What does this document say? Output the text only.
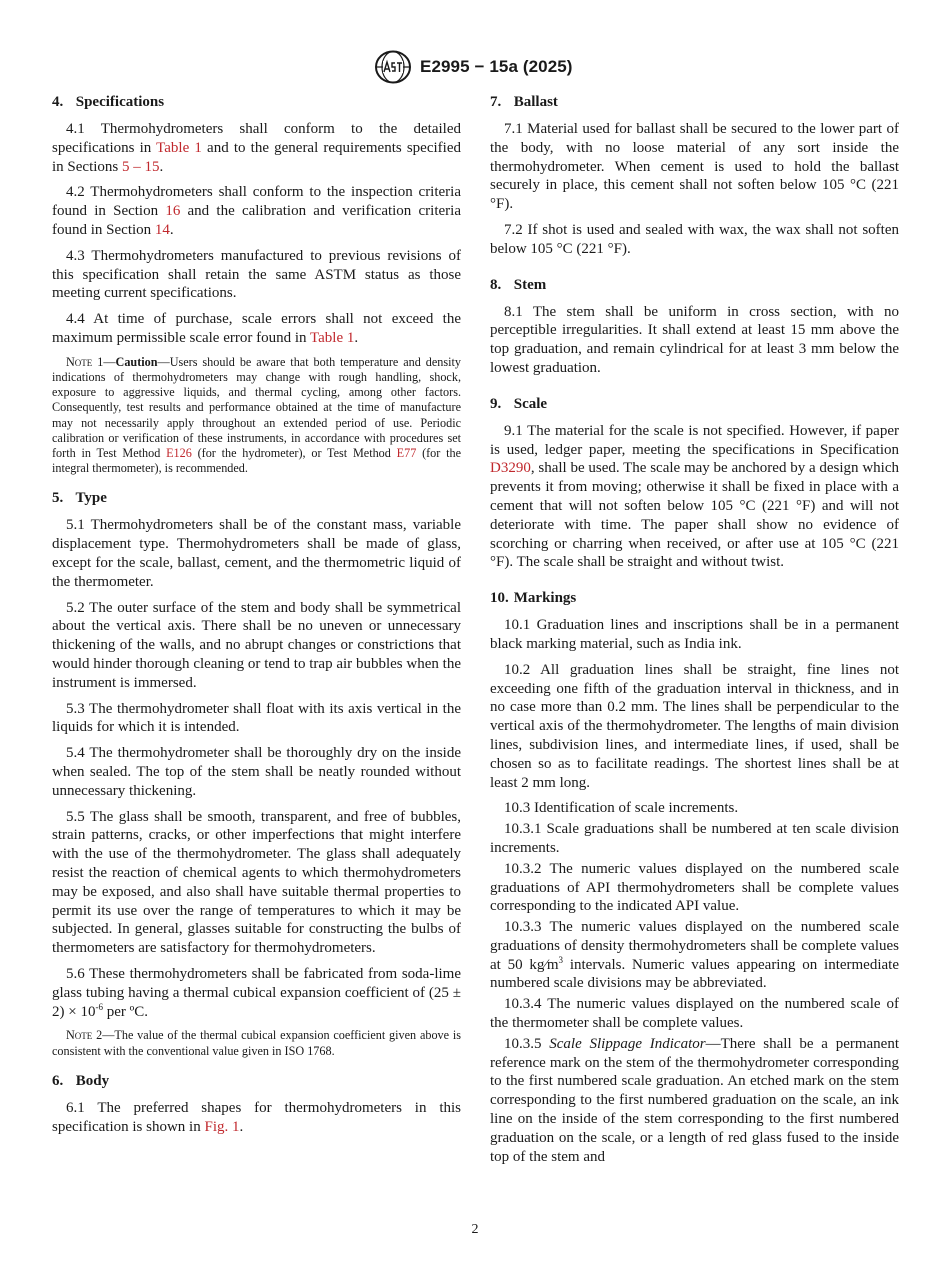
E2995 − 15a (2025)
4. Specifications

4.1 Thermohydrometers shall conform to the detailed specifications in Table 1 and to the general requirements specified in Sections 5 – 15.

4.2 Thermohydrometers shall conform to the inspection criteria found in Section 16 and the calibration and verification criteria found in Section 14.

4.3 Thermohydrometers manufactured to previous revisions of this specification shall retain the same ASTM status as those meeting current specifications.

4.4 At time of purchase, scale errors shall not exceed the maximum permissible scale error found in Table 1.

Note 1—Caution—Users should be aware that both temperature and density indications of thermohydrometers may change with rough handling, shock, exposure to aggressive liquids, and thermal cycling, among other factors. Consequently, test results and performance obtained at the time of manufacture may not necessarily apply throughout an extended period of use. Periodic calibration or verification of these instruments, in accordance with procedures set forth in Test Method E126 (for the hydrometer), or Test Method E77 (for the integral thermometer), is recommended.
5. Type

5.1 Thermohydrometers shall be of the constant mass, variable displacement type. Thermohydrometers shall be made of glass, except for the scale, ballast, cement, and the thermometric liquid of the thermometer.

5.2 The outer surface of the stem and body shall be symmetrical about the vertical axis. There shall be no uneven or unnecessary thickening of the walls, and no abrupt changes or constrictions that would hinder thorough cleaning or tend to trap air bubbles when the instrument is immersed.

5.3 The thermohydrometer shall float with its axis vertical in the liquids for which it is intended.

5.4 The thermohydrometer shall be thoroughly dry on the inside when sealed. The top of the stem shall be neatly rounded without unnecessary thickening.

5.5 The glass shall be smooth, transparent, and free of bubbles, strain patterns, cracks, or other imperfections that might interfere with the use of the thermohydrometer. The glass shall adequately resist the reaction of chemical agents to which thermohydrometers may be exposed, and also shall have suitable thermal properties to permit its use over the range of temperatures to which it may be subjected. In general, glasses suitable for constructing the bulbs of thermometers are satisfactory for thermohydrometers.

5.6 These thermohydrometers shall be fabricated from soda-lime glass tubing having a thermal cubical expansion coefficient of $(25 \pm 2) \times 10^{-6}$ per ºC.

Note 2—The value of the thermal cubical expansion coefficient given above is consistent with the conventional value given in ISO 1768.
6. Body

6.1 The preferred shapes for thermohydrometers in this specification is shown in Fig. 1.

7. Ballast

7.1 Material used for ballast shall be secured to the lower part of the body, with no loose material of any sort inside the thermohydrometer. When cement is used to hold the ballast securely in place, this cement shall not soften below 105 °C (221 °F).

7.2 If shot is used and sealed with wax, the wax shall not soften below 105 °C (221 °F).

8. Stem

8.1 The stem shall be uniform in cross section, with no perceptible irregularities. It shall extend at least 15 mm above the top graduation, and remain cylindrical for at least 3 mm below the lowest graduation.

9. Scale

9.1 The material for the scale is not specified. However, if paper is used, ledger paper, meeting the specifications in Specification D3290, shall be used. The scale may be anchored by a design which prevents it from moving; otherwise it shall be fixed in place with a cement that will not soften below 105 °C (221 °F) and will not deteriorate with time. The paper shall show no evidence of scorching or charring when received, or after use at 105 °C (221 °F). The scale shall be straight and without twist.

10. Markings

10.1 Graduation lines and inscriptions shall be in a permanent black marking material, such as India ink.

10.2 All graduation lines shall be straight, fine lines not exceeding one fifth of the graduation interval in thickness, and in no case more than 0.2 mm. The lines shall be perpendicular to the vertical axis of the thermohydrometer. The lengths of main division lines, subdivision lines, and intermediate lines, if used, shall be chosen so as to facilitate readings. The shortest lines shall be at least 2 mm long.

10.3 Identification of scale increments.

10.3.1 Scale graduations shall be numbered at ten scale division increments.

10.3.2 The numeric values displayed on the numbered scale graduations of API thermohydrometers shall be complete values corresponding to the indicated API value.

10.3.3 The numeric values displayed on the numbered scale graduations of density thermohydrometers shall be complete values at 50 $kg⁄m^3$ intervals. Numeric values appearing on intermediate numbered scale divisions may be abbreviated.

10.3.4 The numeric values displayed on the numbered scale of the thermometer shall be complete values.

10.3.5 Scale Slippage Indicator—There shall be a permanent reference mark on the stem of the thermohydrometer corresponding to the first numbered scale graduation. An etched mark on the stem corresponding to the first numbered graduation on the scale, an ink line on the inside of the stem corresponding to the first numbered graduation on the scale, or a length of red glass fused to the inside top of the stem and

2
